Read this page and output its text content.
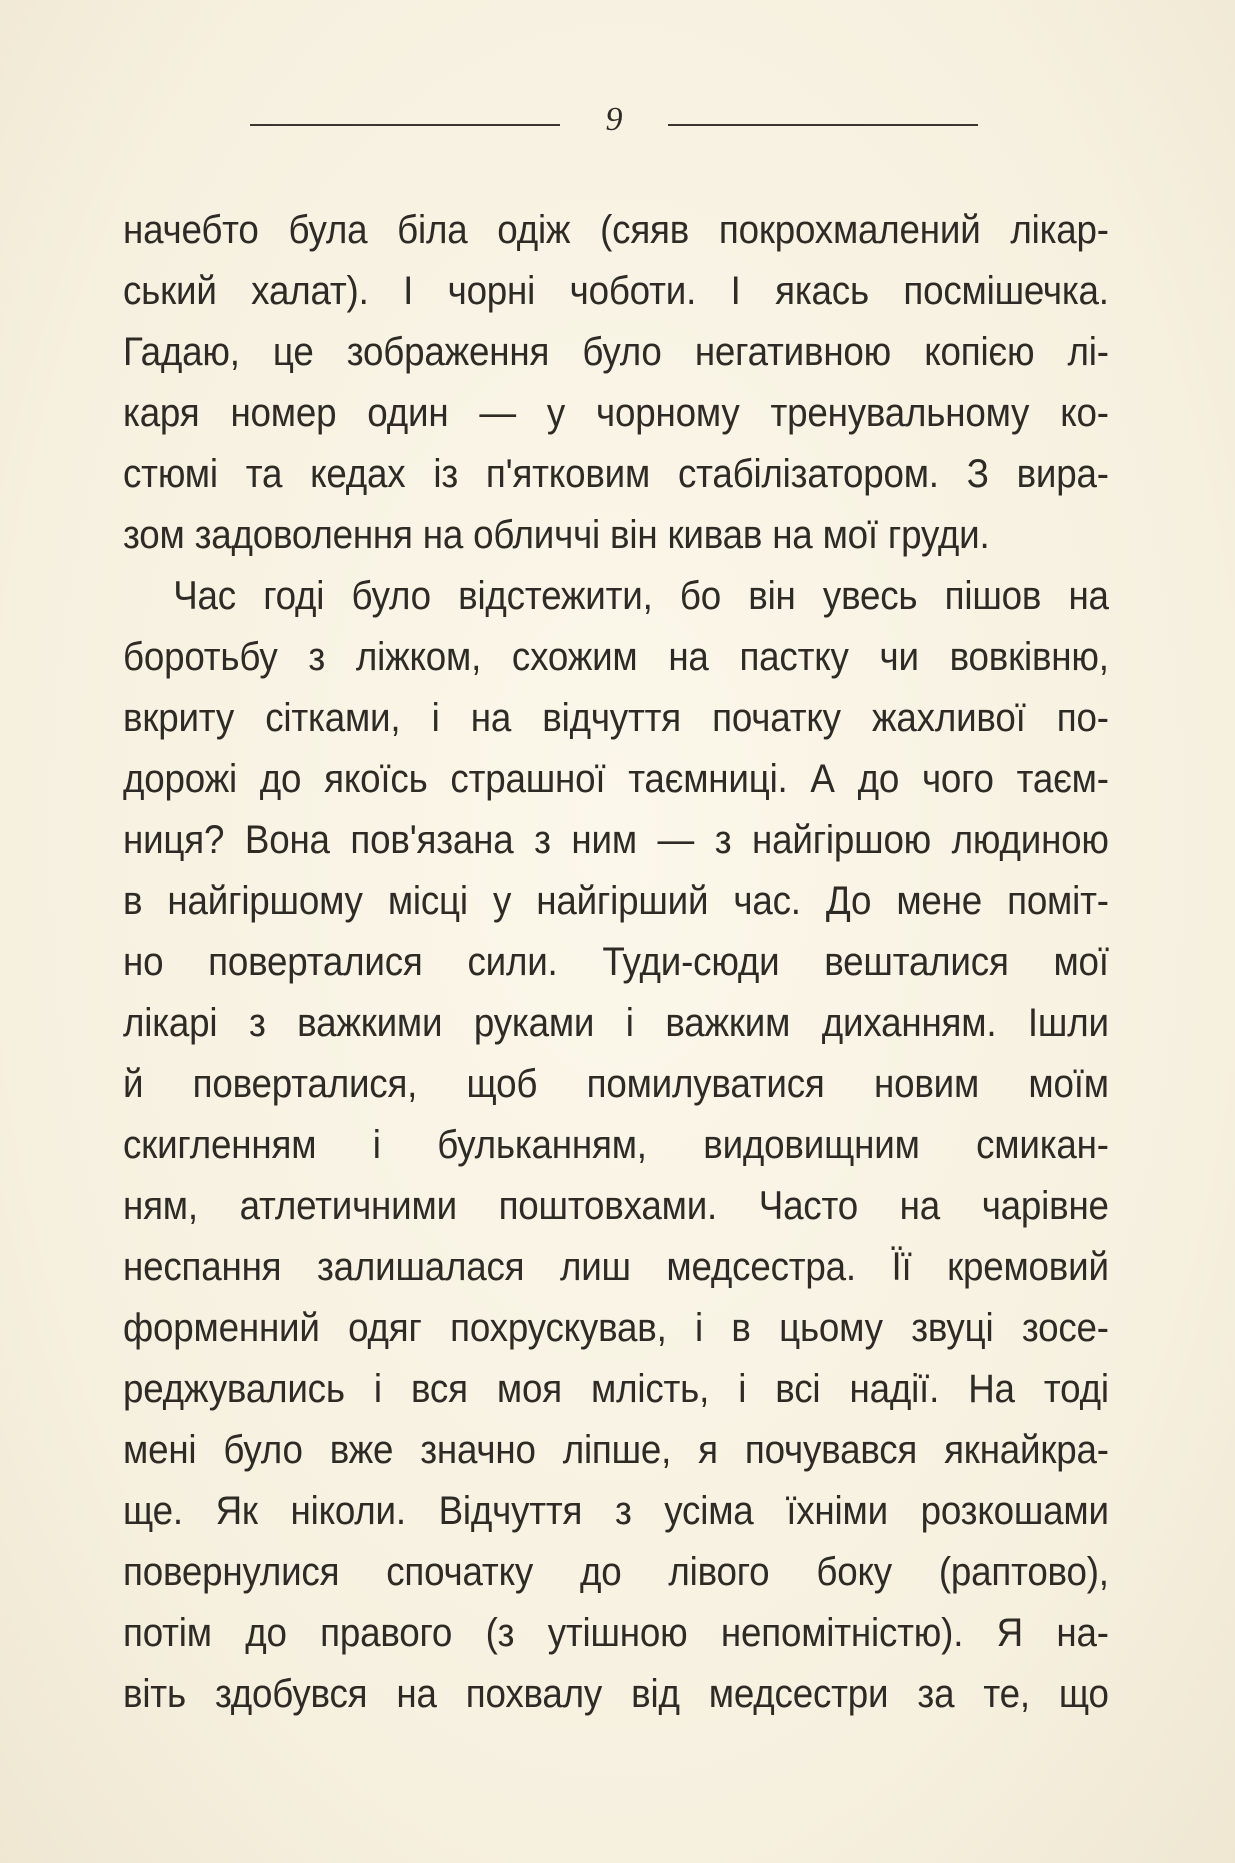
9
начебто була біла одіж (сяяв покрохмалений лікар-
ський халат). І чорні чоботи. І якась посмішечка.
Гадаю, це зображення було негативною копією лі-
каря номер один — у чорному тренувальному ко-
стюмі та кедах із п'ятковим стабілізатором. З вира-
зом задоволення на обличчі він кивав на мої груди.
Час годі було відстежити, бо він увесь пішов на
боротьбу з ліжком, схожим на пастку чи вовківню,
вкриту сітками, і на відчуття початку жахливої по-
дорожі до якоїсь страшної таємниці. А до чого таєм-
ниця? Вона пов'язана з ним — з найгіршою людиною
в найгіршому місці у найгірший час. До мене поміт-
но поверталися сили. Туди-сюди вешталися мої
лікарі з важкими руками і важким диханням. Ішли
й поверталися, щоб помилуватися новим моїм
скигленням і бульканням, видовищним смикан-
ням, атлетичними поштовхами. Часто на чарівне
неспання залишалася лиш медсестра. Її кремовий
форменний одяг похрускував, і в цьому звуці зосе-
реджувались і вся моя млість, і всі надії. На тоді
мені було вже значно ліпше, я почувався якнайкра-
ще. Як ніколи. Відчуття з усіма їхніми розкошами
повернулися спочатку до лівого боку (раптово),
потім до правого (з утішною непомітністю). Я на-
віть здобувся на похвалу від медсестри за те, що
